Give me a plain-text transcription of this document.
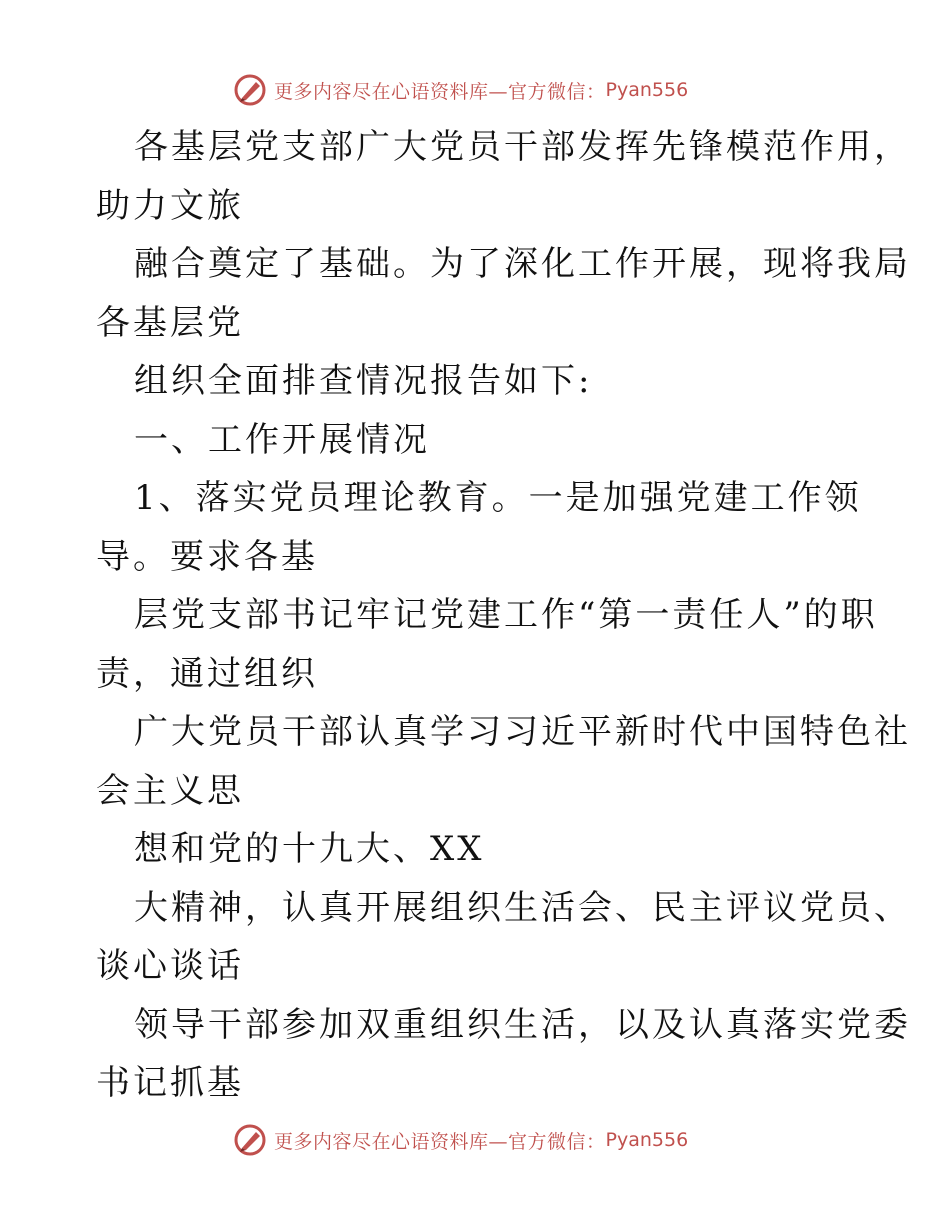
更多内容尽在心语资料库—官方微信： Pyan556
各基层党支部广大党员干部发挥先锋模范作用，
助力文旅
融合奠定了基础。为了深化工作开展，现将我局
各基层党
组织全面排查情况报告如下:
一、工作开展情况
1、落实党员理论教育。一是加强党建工作领
导。要求各基
层党支部书记牢记党建工作“第一责任人”的职
责，通过组织
广大党员干部认真学习习近平新时代中国特色社
会主义思
想和党的十九大、XX
大精神，认真开展组织生活会、民主评议党员、
谈心谈话
领导干部参加双重组织生活，以及认真落实党委
书记抓基
更多内容尽在心语资料库—官方微信： Pyan556
